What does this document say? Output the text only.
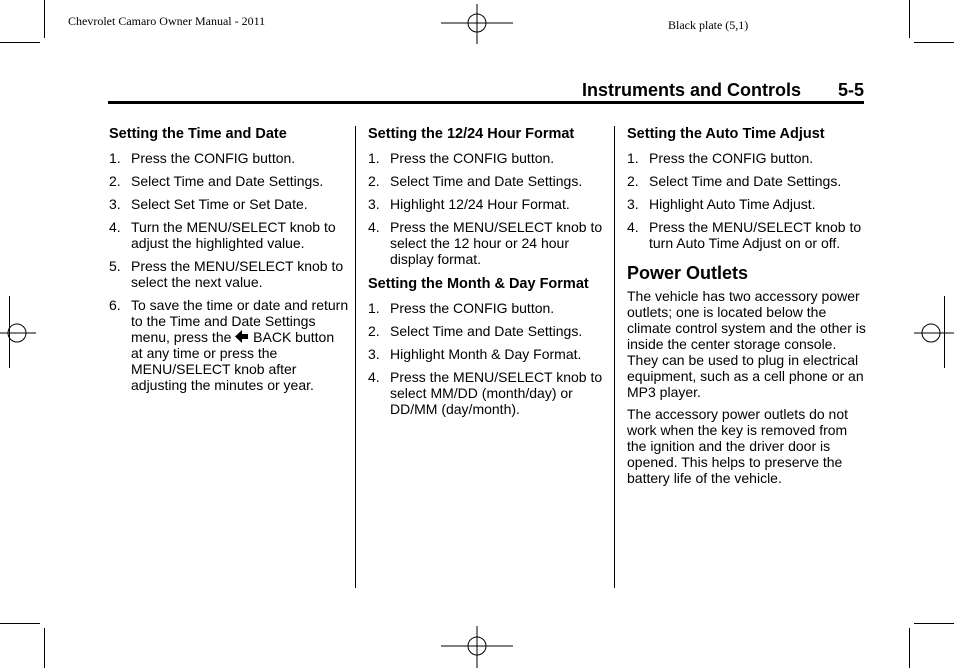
Chevrolet Camaro Owner Manual - 2011	Black plate (5,1)
Instruments and Controls 5-5
Setting the Time and Date
1. Press the CONFIG button.
2. Select Time and Date Settings.
3. Select Set Time or Set Date.
4. Turn the MENU/SELECT knob to adjust the highlighted value.
5. Press the MENU/SELECT knob to select the next value.
6. To save the time or date and return to the Time and Date Settings menu, press the BACK button at any time or press the MENU/SELECT knob after adjusting the minutes or year.
Setting the 12/24 Hour Format
1. Press the CONFIG button.
2. Select Time and Date Settings.
3. Highlight 12/24 Hour Format.
4. Press the MENU/SELECT knob to select the 12 hour or 24 hour display format.
Setting the Month & Day Format
1. Press the CONFIG button.
2. Select Time and Date Settings.
3. Highlight Month & Day Format.
4. Press the MENU/SELECT knob to select MM/DD (month/day) or DD/MM (day/month).
Setting the Auto Time Adjust
1. Press the CONFIG button.
2. Select Time and Date Settings.
3. Highlight Auto Time Adjust.
4. Press the MENU/SELECT knob to turn Auto Time Adjust on or off.
Power Outlets

The vehicle has two accessory power outlets; one is located below the climate control system and the other is inside the center storage console. They can be used to plug in electrical equipment, such as a cell phone or an MP3 player.

The accessory power outlets do not work when the key is removed from the ignition and the driver door is opened. This helps to preserve the battery life of the vehicle.
